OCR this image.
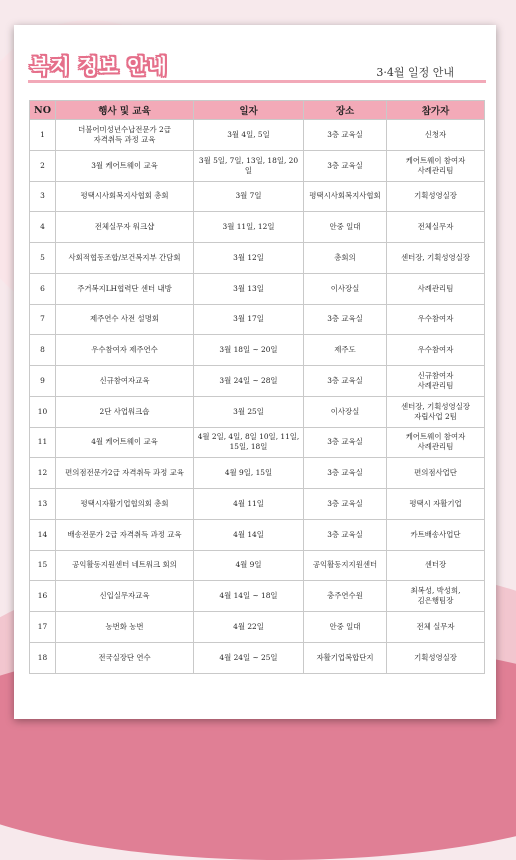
복지 정보 안내	3·4월 일정 안내
NO	행사 및 교육	일자	장소	참가자
1	더불어미성년수납전문가 2급
자격취득 과정 교육	3월 4일, 5일	3층 교육실	신청자
2	3월 케어트웨이 교육	3월 5일, 7일, 13일, 18일, 20일	3층 교육실	케어트웨이 참여자
사례관리팀
3	평택시사회복지사협회 총회	3월 7일	평택시사회복지사협회	기획성영실장
4	전체실무자 워크샵	3월 11일, 12일	안중 일대	전체실무자
5	사회적협동조합/보건복지부 간담회	3월 12일	총회의	센터장, 기획성영실장
6	주거복지LH협력단 센터 내방	3월 13일	이사장실	사례관리팀
7	제주연수 사전 설명회	3월 17일	3층 교육실	우수참여자
8	우수참여자 제주연수	3월 18일 ~ 20일	제주도	우수참여자
9	신규참여자교육	3월 24일 ~ 28일	3층 교육실	신규참여자
사례관리팀
10	2단 사업워크숍	3월 25일	이사장실	센터장, 기획성영실장
자립사업 2팀
11	4월 케어트웨이 교육	4월 2일, 4일, 8일 10일, 11일,
15일, 18일	3층 교육실	케어트웨이 참여자
사례관리팀
12	편의점전문가2급 자격취득 과정 교육	4월 9일, 15일	3층 교육실	편의점사업단
13	평택시자활기업협의회 총회	4월 11일	3층 교육실	평택시 자활기업
14	배송전문가 2급 자격취득 과정 교육	4월 14일	3층 교육실	카트배송사업단
15	공익활동지원센터 네트워크 회의	4월 9일	공익활동지지원센터	센터장
16	신입실무자교육	4월 14일 ~ 18일	충주연수원	최복성, 박성희,
김은행팀장
17	농번화 농번	4월 22일	안중 일대	전체 실무자
18	전국실장단 연수	4월 24일 ~ 25일	자활기업복합단지	기획성영실장
